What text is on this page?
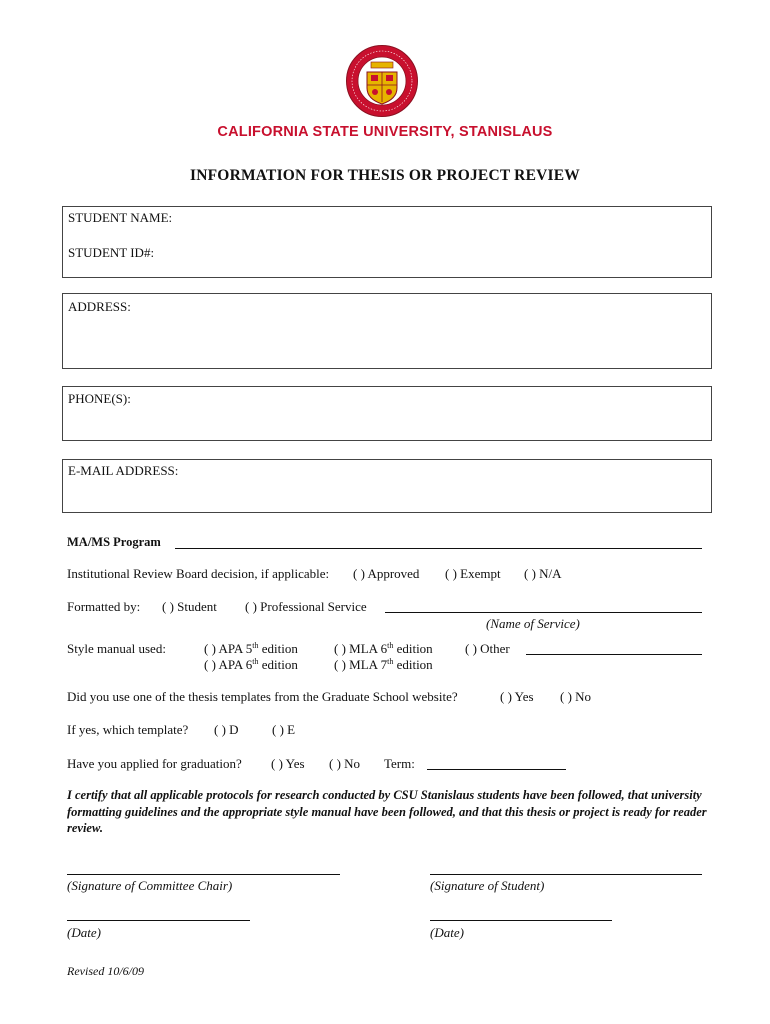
CALIFORNIA STATE UNIVERSITY, STANISLAUS
INFORMATION FOR THESIS OR PROJECT REVIEW
STUDENT NAME:
STUDENT ID#:
ADDRESS:
PHONE(S):
E-MAIL ADDRESS:
MA/MS Program
Institutional Review Board decision, if applicable: ( ) Approved ( ) Exempt ( ) N/A
Formatted by: ( ) Student ( ) Professional Service
(Name of Service)
Style manual used:	( ) APA 5th edition	( ) MLA 6th edition ( ) Other
( ) APA 6th edition	( ) MLA 7th edition
Did you use one of the thesis templates from the Graduate School website?	( ) Yes ( ) No
If yes, which template? ( ) D	( ) E
Have you applied for graduation? ( ) Yes ( ) No Term:
I certify that all applicable protocols for research conducted by CSU Stanislaus students have been followed, that university formatting guidelines and the appropriate style manual have been followed, and that this thesis or project is ready for reader review.
(Signature of Committee Chair)	(Signature of Student)
(Date)	(Date)
Revised 10/6/09
